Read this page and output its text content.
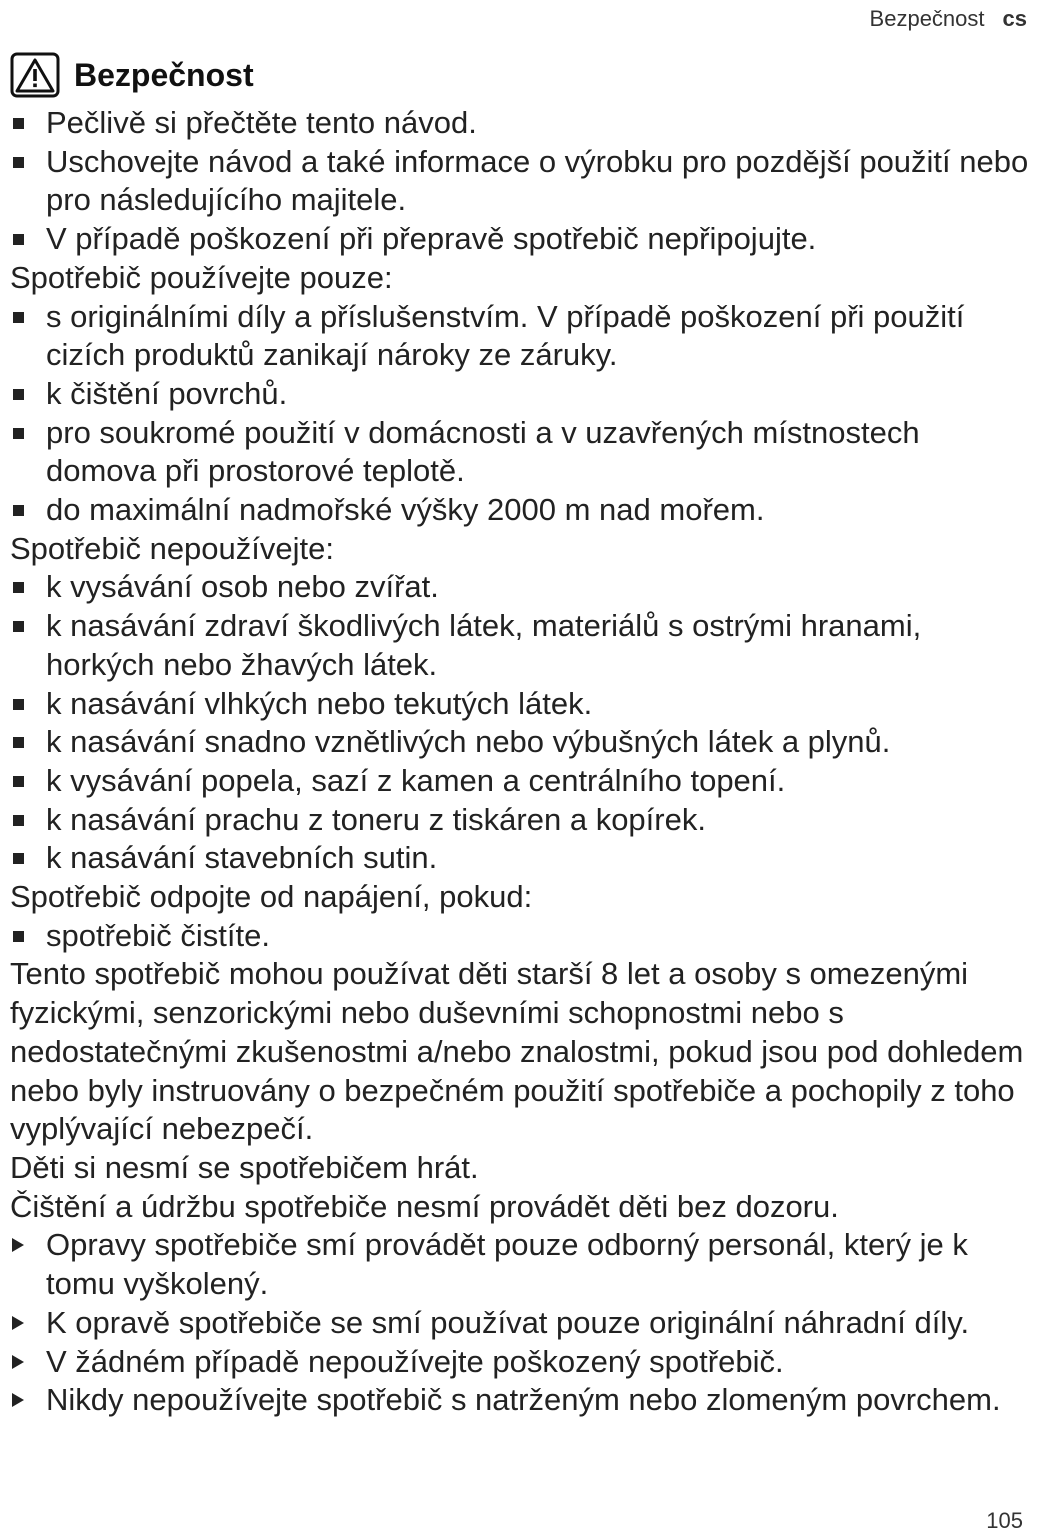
Bezpečnost cs
Bezpečnost
Pečlivě si přečtěte tento návod.
Uschovejte návod a také informace o výrobku pro pozdější použití nebo pro následujícího majitele.
V případě poškození při přepravě spotřebič nepřipojujte.
Spotřebič používejte pouze:
s originálními díly a příslušenstvím. V případě poškození při použití cizích produktů zanikají nároky ze záruky.
k čištění povrchů.
pro soukromé použití v domácnosti a v uzavřených místnostech domova při prostorové teplotě.
do maximální nadmořské výšky 2000 m nad mořem.
Spotřebič nepoužívejte:
k vysávání osob nebo zvířat.
k nasávání zdraví škodlivých látek, materiálů s ostrými hranami, horkých nebo žhavých látek.
k nasávání vlhkých nebo tekutých látek.
k nasávání snadno vznětlivých nebo výbušných látek a plynů.
k vysávání popela, sazí z kamen a centrálního topení.
k nasávání prachu z toneru z tiskáren a kopírek.
k nasávání stavebních sutin.
Spotřebič odpojte od napájení, pokud:
spotřebič čistíte.
Tento spotřebič mohou používat děti starší 8 let a osoby s omezenými fyzickými, senzorickými nebo duševními schopnostmi nebo s nedostatečnými zkušenostmi a/nebo znalostmi, pokud jsou pod dohledem nebo byly instruovány o bezpečném použití spotřebiče a pochopily z toho vyplývající nebezpečí.
Děti si nesmí se spotřebičem hrát.
Čištění a údržbu spotřebiče nesmí provádět děti bez dozoru.
Opravy spotřebiče smí provádět pouze odborný personál, který je k tomu vyškolený.
K opravě spotřebiče se smí používat pouze originální náhradní díly.
V žádném případě nepoužívejte poškozený spotřebič.
Nikdy nepoužívejte spotřebič s natrženým nebo zlomeným povrchem.
105
